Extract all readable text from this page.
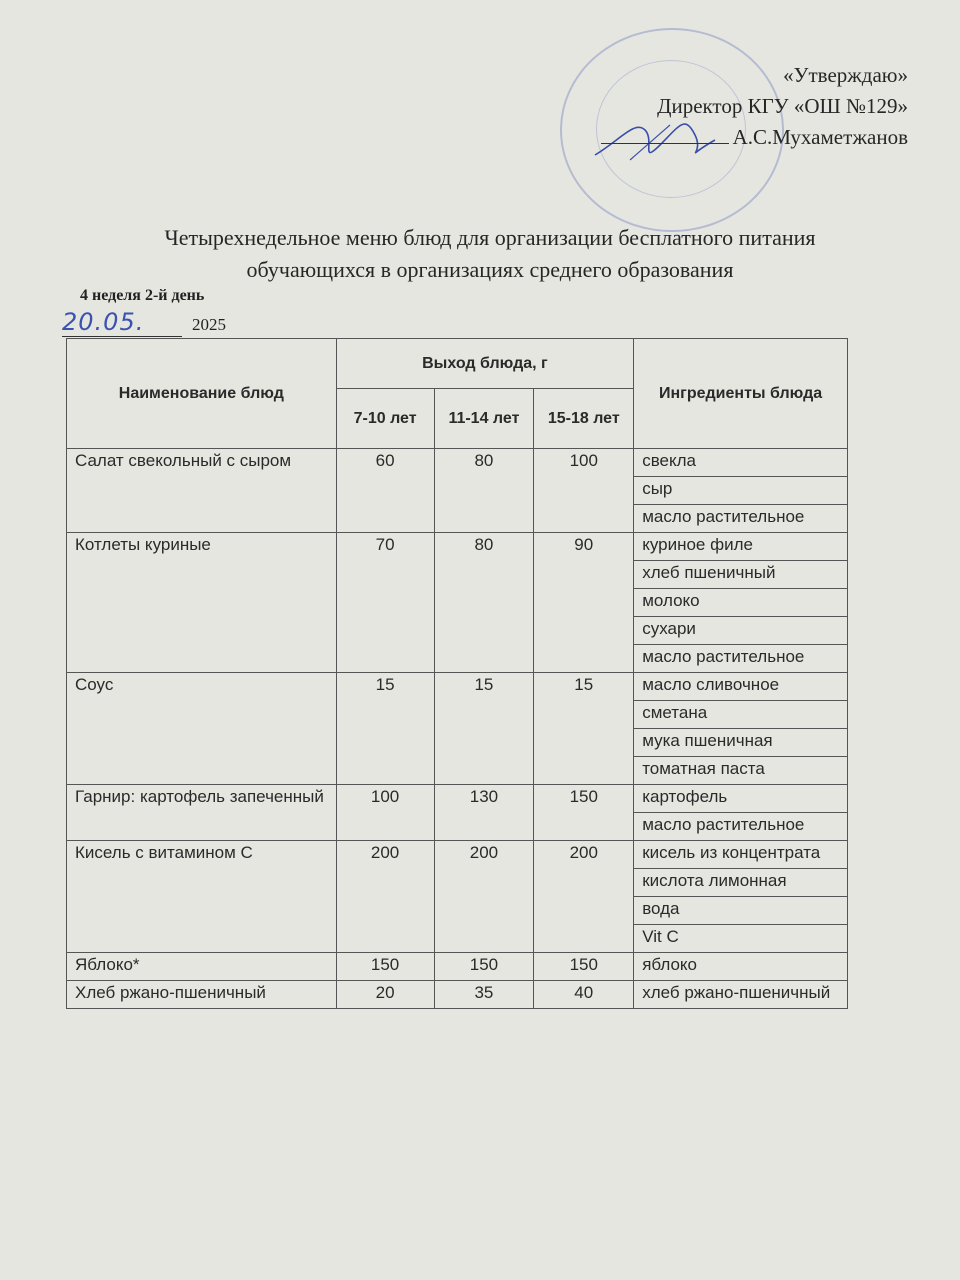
«Утверждаю»
Директор КГУ «ОШ №129»
А.С.Мухаметжанов
Четырехнедельное меню блюд для организации бесплатного питания
обучающихся в организациях среднего образования
4 неделя 2-й день
20.05.	2025
Наименование блюд	Выход блюда, г			Ингредиенты блюда
	7-10 лет	11-14 лет	15-18 лет	
Салат свекольный с сыром	60	80	100	свекла
				сыр
				масло растительное
Котлеты куриные	70	80	90	куриное филе
				хлеб пшеничный
				молоко
				сухари
				масло растительное
Соус	15	15	15	масло сливочное
				сметана
				мука пшеничная
				томатная паста
Гарнир: картофель запеченный	100	130	150	картофель
				масло растительное
Кисель с витамином С	200	200	200	кисель из концентрата
				кислота лимонная
				вода
				Vit C
Яблоко*	150	150	150	яблоко
Хлеб ржано-пшеничный	20	35	40	хлеб ржано-пшеничный
